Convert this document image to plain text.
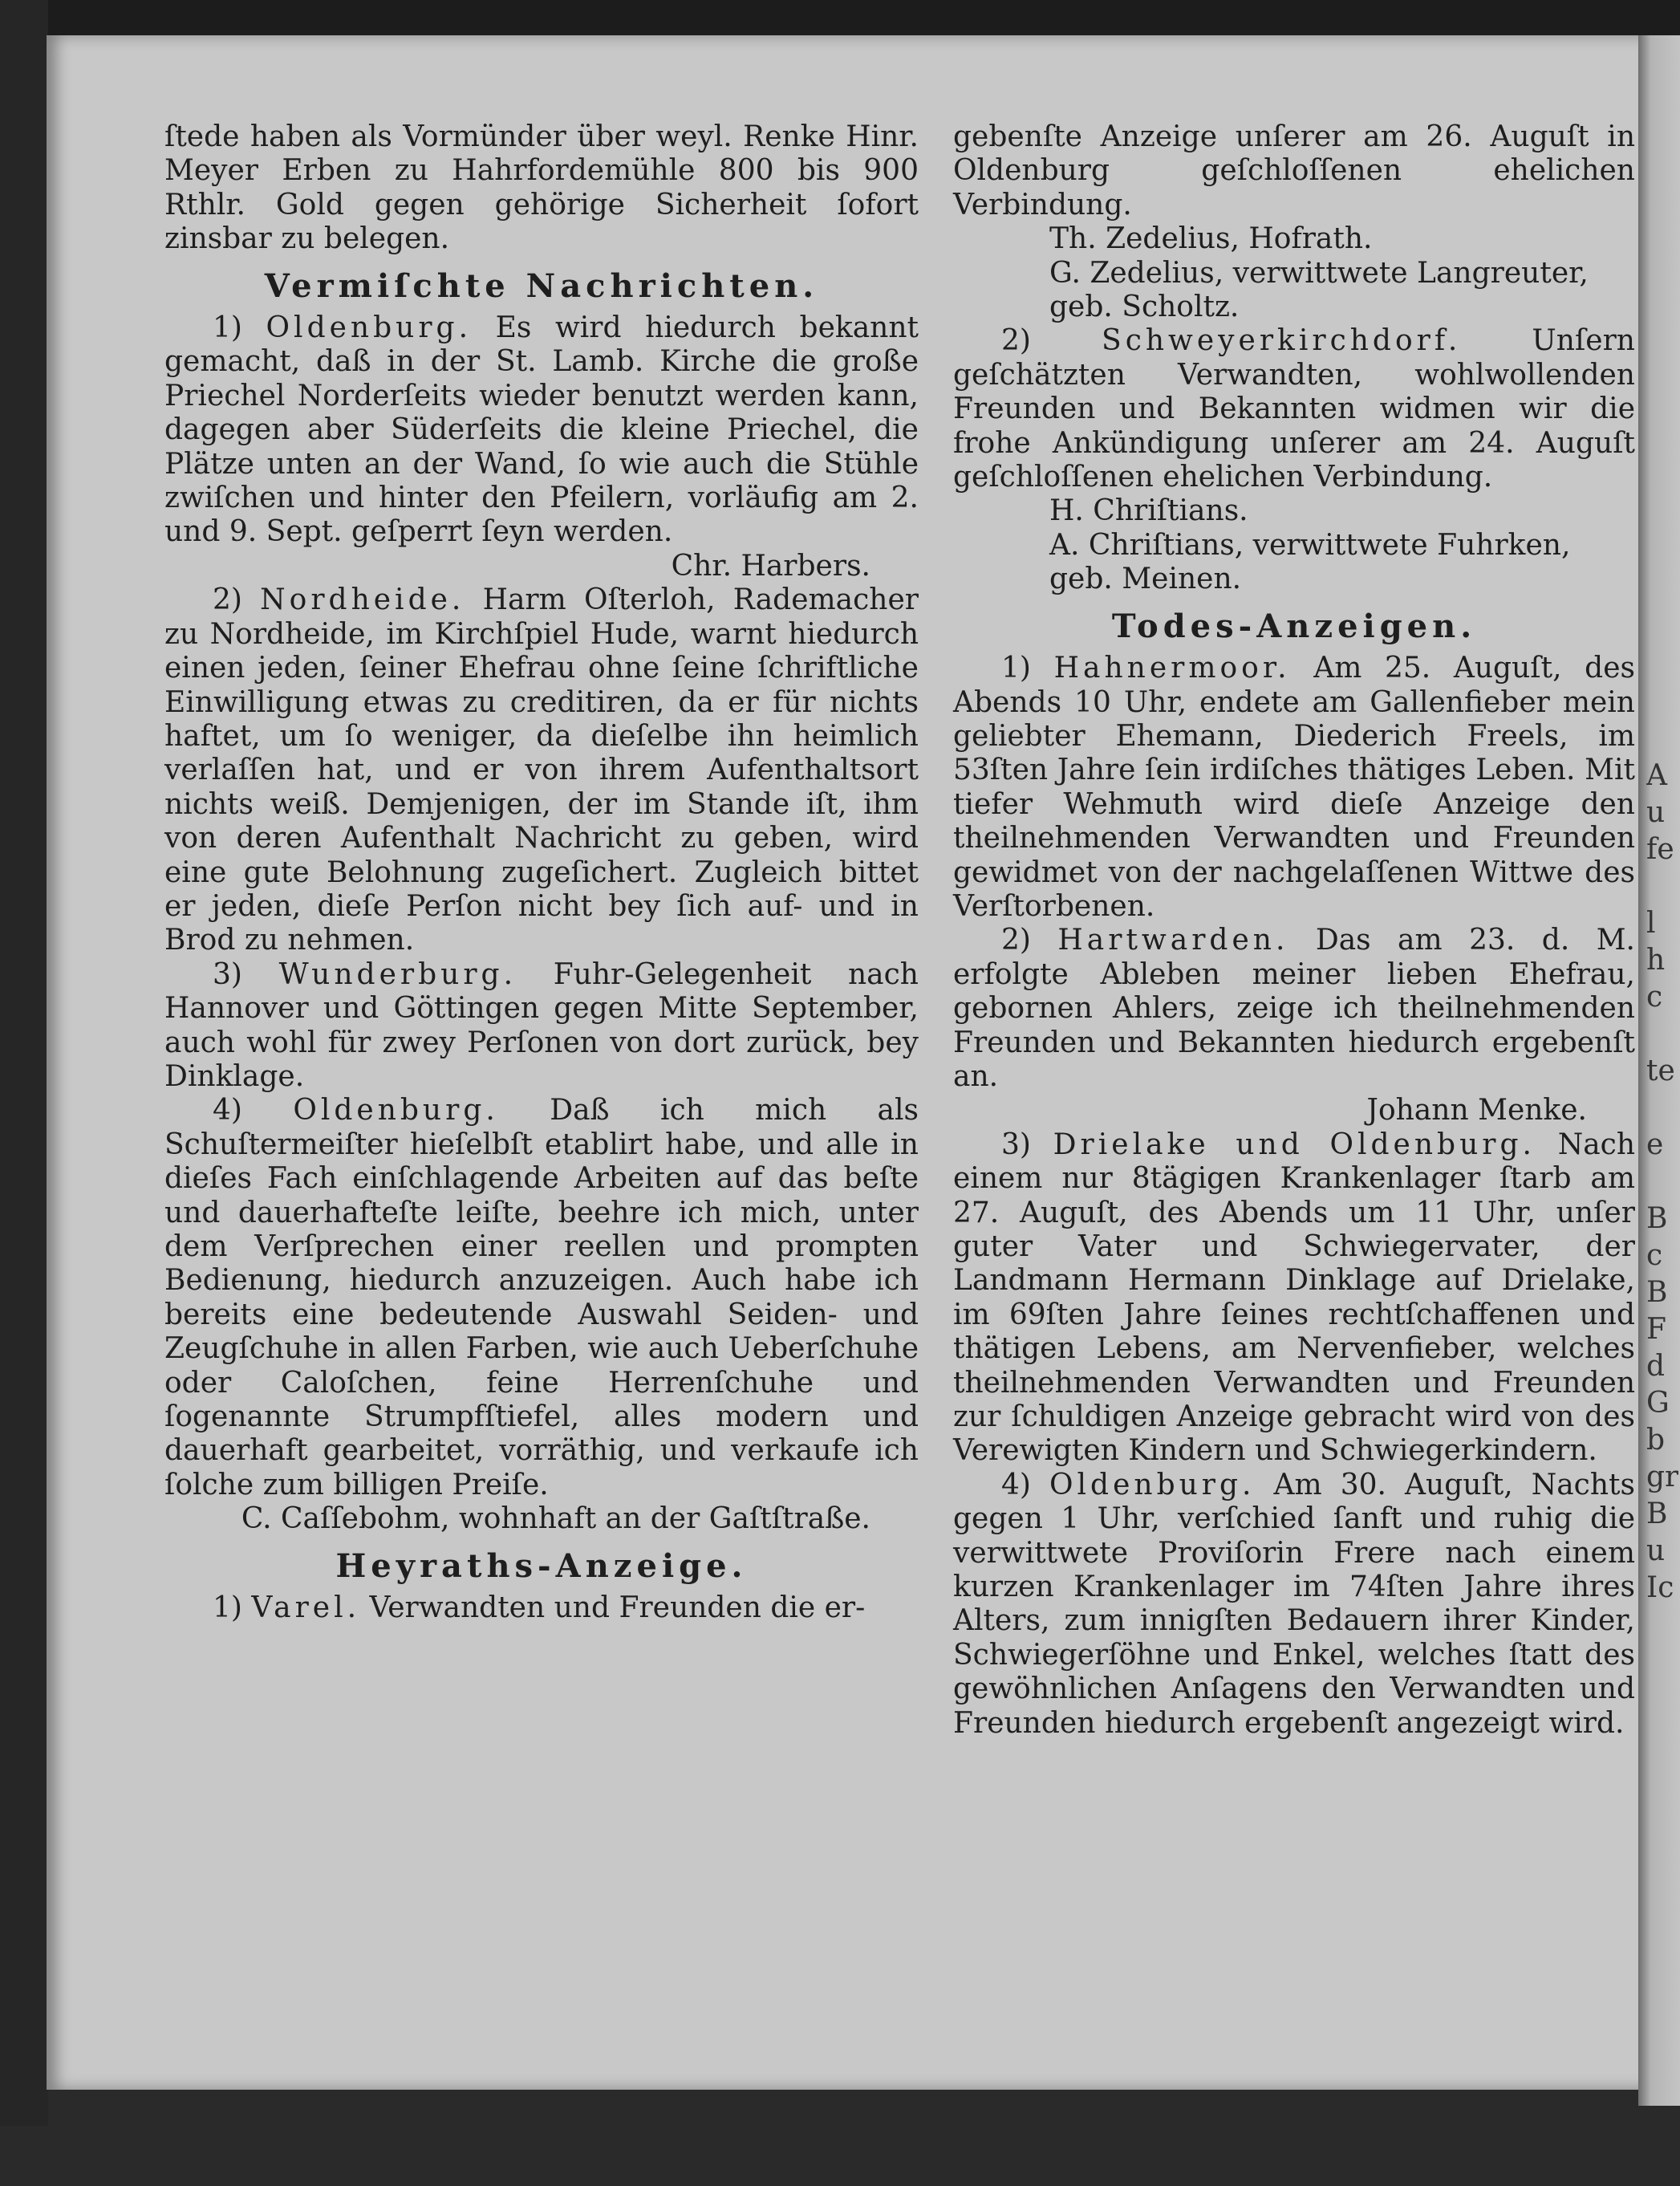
A
u
fe

l
h
c

te

e

B
c
B
F
d
G
b
gr
B
u
Ic

ſtede haben als Vormünder über weyl. Renke Hinr. Meyer Erben zu Hahrfordemühle 800 bis 900 Rthlr. Gold gegen gehörige Sicherheit ſofort zinsbar zu belegen.

Vermiſchte Nachrichten.

1) Oldenburg. Es wird hiedurch bekannt gemacht, daß in der St. Lamb. Kirche die große Priechel Norderſeits wieder benutzt werden kann, dagegen aber Süderſeits die kleine Priechel, die Plätze unten an der Wand, ſo wie auch die Stühle zwiſchen und hinter den Pfeilern, vorläufig am 2. und 9. Sept. geſperrt ſeyn werden.

Chr. Harbers.

2) Nordheide. Harm Oſterloh, Rademacher zu Nordheide, im Kirchſpiel Hude, warnt hiedurch einen jeden, ſeiner Ehefrau ohne ſeine ſchriftliche Einwilligung etwas zu creditiren, da er für nichts haftet, um ſo weniger, da dieſelbe ihn heimlich verlaſſen hat, und er von ihrem Aufenthaltsort nichts weiß. Demjenigen, der im Stande iſt, ihm von deren Aufenthalt Nachricht zu geben, wird eine gute Belohnung zugeſichert. Zugleich bittet er jeden, dieſe Perſon nicht bey ſich auf- und in Brod zu nehmen.

3) Wunderburg. Fuhr-Gelegenheit nach Hannover und Göttingen gegen Mitte September, auch wohl für zwey Perſonen von dort zurück, bey Dinklage.

4) Oldenburg. Daß ich mich als Schuſtermeiſter hieſelbſt etablirt habe, und alle in dieſes Fach einſchlagende Arbeiten auf das beſte und dauerhafteſte leiſte, beehre ich mich, unter dem Verſprechen einer reellen und prompten Bedienung, hiedurch anzuzeigen. Auch habe ich bereits eine bedeutende Auswahl Seiden- und Zeugſchuhe in allen Farben, wie auch Ueberſchuhe oder Caloſchen, feine Herrenſchuhe und ſogenannte Strumpfſtiefel, alles modern und dauerhaft gearbeitet, vorräthig, und verkaufe ich ſolche zum billigen Preiſe.

C. Caſſebohm, wohnhaft an der Gaſtſtraße.

Heyraths-Anzeige.

1) Varel. Verwandten und Freunden die er-

gebenſte Anzeige unſerer am 26. Auguſt in Oldenburg geſchloſſenen ehelichen Verbindung.

Th. Zedelius, Hofrath.

G. Zedelius, verwittwete Langreuter, geb. Scholtz.

2) Schweyerkirchdorf. Unſern geſchätzten Verwandten, wohlwollenden Freunden und Bekannten widmen wir die frohe Ankündigung unſerer am 24. Auguſt geſchloſſenen ehelichen Verbindung.

H. Chriſtians.

A. Chriſtians, verwittwete Fuhrken, geb. Meinen.

Todes-Anzeigen.

1) Hahnermoor. Am 25. Auguſt, des Abends 10 Uhr, endete am Gallenfieber mein geliebter Ehemann, Diederich Freels, im 53ſten Jahre ſein irdiſches thätiges Leben. Mit tiefer Wehmuth wird dieſe Anzeige den theilnehmenden Verwandten und Freunden gewidmet von der nachgelaſſenen Wittwe des Verſtorbenen.

2) Hartwarden. Das am 23. d. M. erfolgte Ableben meiner lieben Ehefrau, gebornen Ahlers, zeige ich theilnehmenden Freunden und Bekannten hiedurch ergebenſt an.

Johann Menke.

3) Drielake und Oldenburg. Nach einem nur 8tägigen Krankenlager ſtarb am 27. Auguſt, des Abends um 11 Uhr, unſer guter Vater und Schwiegervater, der Landmann Hermann Dinklage auf Drielake, im 69ſten Jahre ſeines rechtſchaffenen und thätigen Lebens, am Nervenfieber, welches theilnehmenden Verwandten und Freunden zur ſchuldigen Anzeige gebracht wird von des Verewigten Kindern und Schwiegerkindern.

4) Oldenburg. Am 30. Auguſt, Nachts gegen 1 Uhr, verſchied ſanft und ruhig die verwittwete Proviſorin Frere nach einem kurzen Krankenlager im 74ſten Jahre ihres Alters, zum innigſten Bedauern ihrer Kinder, Schwiegerſöhne und Enkel, welches ſtatt des gewöhnlichen Anſagens den Verwandten und Freunden hiedurch ergebenſt angezeigt wird.
